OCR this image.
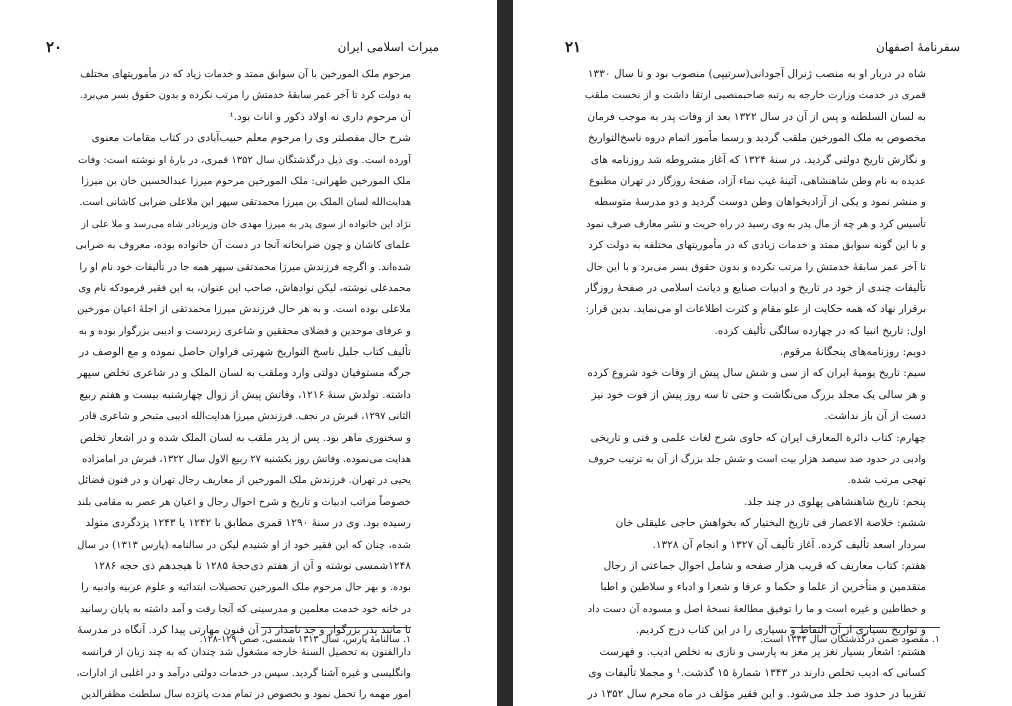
میراث اسلامی ایران
۲۰
مرحوم ملک المورخین با آن سوابق ممتد و خدمات زیاد که در مأموریتهای مختلف
به دولت کرد تا آخر عمر سابقهٔ خدمتش را مرتب نکرده و بدون حقوق بسر می‌برد.
آن مرحوم داری نه اولاد ذکور و اناث بود.¹
شرح حال مفصلتر وی را مرحوم معلم حبیب‌آبادی در کتاب مقامات معنوی
آورده است. وی ذیل درگذشتگان سال ۱۳۵۲ قمری، در بارهٔ او نوشته است: وفات
ملک المورخین طهرانی: ملک المورخین مرحوم میرزا عبدالحسین خان بن میرزا
هدایت‌الله لسان الملک بن میرزا محمدتقی سپهر ابن ملاعلی ضرابی کاشانی است.
نژاد این خانواده از سوی پدر به میرزا مهدی خان وزیرنادر شاه می‌رسد و ملا علی از
علمای کاشان و چون ضرابخانه آنجا در دست آن خانواده بوده، معروف به ضرابی
شده‌اند. و اگرچه فرزندش میرزا محمدتقی سپهر همه جا در تألیفات خود نام او را
محمدعلی نوشته، لیکن نوادهاش، صاحب این عنوان، به این فقیر فرمودکه نام وی
ملاعلی بوده است. و به هر حال فرزندش میرزا محمدتقی از اجلهٔ اعیان مورخین
و عرفای موحدین و فضلای محققین و شاعری زبردست و ادیبی بزرگوار بوده و به
تألیف کتاب جلیل ناسخ التواریخ شهرتی فراوان حاصل نموده و مع الوصف در
جرگه مستوفیان دولتی وارد وملقب به لسان الملک و در شاعری تخلص سپهر
داشته. تولدش سنهٔ ۱۲۱۶، وفاتش پیش از زوال چهارشنبه بیست و هفتم ربیع
الثانی ۱۲۹۷، قبرش در نجف. فرزندش میرزا هدایت‌الله ادیبی متبحر و شاعری قادر
و سخنوری ماهر بود. پس از پدر ملقب به لسان الملک شده و در اشعار تخلص
هدایت می‌نموده. وفاتش روز یکشنبه ۲۷ ربیع الاول سال ۱۳۲۲، قبرش در امامزاده
یحیی در تهران. فرزندش ملک المورخین از معاریف رجال تهران و در فنون فضائل
خصوصاً مراتب ادبیات و تاریخ و شرح احوال رجال و اعیان هر عصر به مقامی بلند
رسیده بود. وی در سنهٔ ۱۲۹۰ قمری مطابق با ۱۲۴۲ یا ۱۲۴۳ یزدگردی متولد
شده، چنان که این فقیر خود از او شنیدم لیکن در سالنامه (پارس ۱۳۱۳) در سال
۱۲۴۸شمسی نوشته و آن از هفتم ذی‌حجهٔ ۱۲۸۵ تا هیجدهم ذی حجه ۱۲۸۶
بوده. و بهر حال مرحوم ملک المورخین تحصیلات ابتدائیه و علوم عربیه وادبیه را
در خانه خود خدمت معلمین و مدرسینی که آنجا رفت و آمد داشته به پایان رسانید
تا مانند پدر بزرگوار و جد نامدار در آن فنون مهارتی پیدا کرد. آنگاه در مدرسهٔ
دارالفنون به تحصیل السنهٔ خارجه مشغول شد چندان که به چند زبان از فرانسه
وانگلیسی و غیره آشنا گردید. سپس در خدمات دولتی درآمد و در اغلبی از ادارات،
امور مهمه را تحمل نمود و بخصوص در تمام مدت پانزده سال سلطنت مظفرالدین
۱. سالنامهٔ پارس، سال ۱۳۱۳ شمسی، صص ۱۲۹-۱۲۸.
سفرنامهٔ اصفهان
۲۱
شاه در دربار او به منصب ژنرال آجودانی(سرتیپی) منصوب بود و تا سال ۱۳۳۰
قمری در خدمت وزارت خارجه به رتبه صاحبمنصبی ارتقا داشت و از نخست ملقب
به لسان السلطنه و پس از آن در سال ۱۳۲۲ بعد از وفات پدر به موجب فرمان
مخصوص به ملک المورخین ملقب گردید و رسما مأمور اتمام دروه ناسخ‌التواریخ
و نگارش تاریخ دولتی گردید. در سنهٔ ۱۳۲۴ که آغاز مشروطه شد روزنامه های
عدیده به نام وطن شاهنشاهی، آئینهٔ غیب نماء آزاد، صفحهٔ روزگار در تهران مطبوع
و منشر نمود و یکی از آزادیخواهان وطن دوست گردید و دو مدرسهٔ متوسطه
تأسیس کرد و هر چه از مال پدر به وی رسید در راه حریت و نشر معارف صرف نمود
و با این گونه سوابق ممتد و خدمات زیادی که در مأموریتهای مختلفه به دولت کرد
تا آخر عمر سابقهٔ خدمتش را مرتب نکرده و بدون حقوق بسر می‌برد و با این حال
تألیفات چندی از خود در تاریخ و ادبیات صنایع و دیانت اسلامی در صفحهٔ روزگار
برقرار نهاد که همه حکایت از علو مقام و کثرت اطلاعات او می‌نماید. بدین قرار:
اول: تاریخ انبیا که در چهارده سالگی تألیف کرده.
دویم: روزنامه‌های پنجگانهٔ مرقوم.
سیم: تاریخ یومیهٔ ایران که از سی و شش سال پیش از وفات خود شروع کرده
و هر سالی یک مجلد بزرگ می‌نگاشت و حتی تا سه روز پیش از فوت خود نیز
دست از آن باز نداشت.
چهارم: کتاب دائرة المعارف ایران که حاوی شرح لغات علمی و فنی و تاریخی
وادبی در حدود صد سیصد هزار بیت است و شش جلد بزرگ از آن به ترتیب حروف
تهجی مرتب شده.
پنجم: تاریخ شاهنشاهی پهلوی در چند جلد.
ششم: خلاصة الاعصار فی تاریخ البختیار که بخواهش حاجی علیقلی خان
سردار اسعد تألیف کرده. آغاز تألیف آن ۱۳۲۷ و انجام آن ۱۳۲۸.
هفتم: کتاب معاریف که قریب هزار صفحه و شامل احوال جماعتی از رجال
متقدمین و متأخرین از علما و حکما و عرفا و شعرا و ادباء و سلاطین و اطبا
و خطاطین و غیره است و ما را توفیق مطالعهٔ نسخهٔ اصل و مسوده آن دست داد
و تواریخ بسیاری از آن التقاط و بسیاری را در این کتاب درج کردیم.
هشتم: اشعار بسیار نغز پر مغز به پارسی و تازی به تخلص ادیب. و فهرست
کسانی که ادیب تخلص دارند در ۱۳۴۳ شمارهٔ ۱۵ گذشت.¹ و مجملا تألیفات وی
تقریبا در حدود صد جلد می‌شود. و این فقیر مؤلف در ماه محرم سال ۱۳۵۲ در
۱. مقصود ضمن درگذشتگان سال ۱۳۴۴ است.
